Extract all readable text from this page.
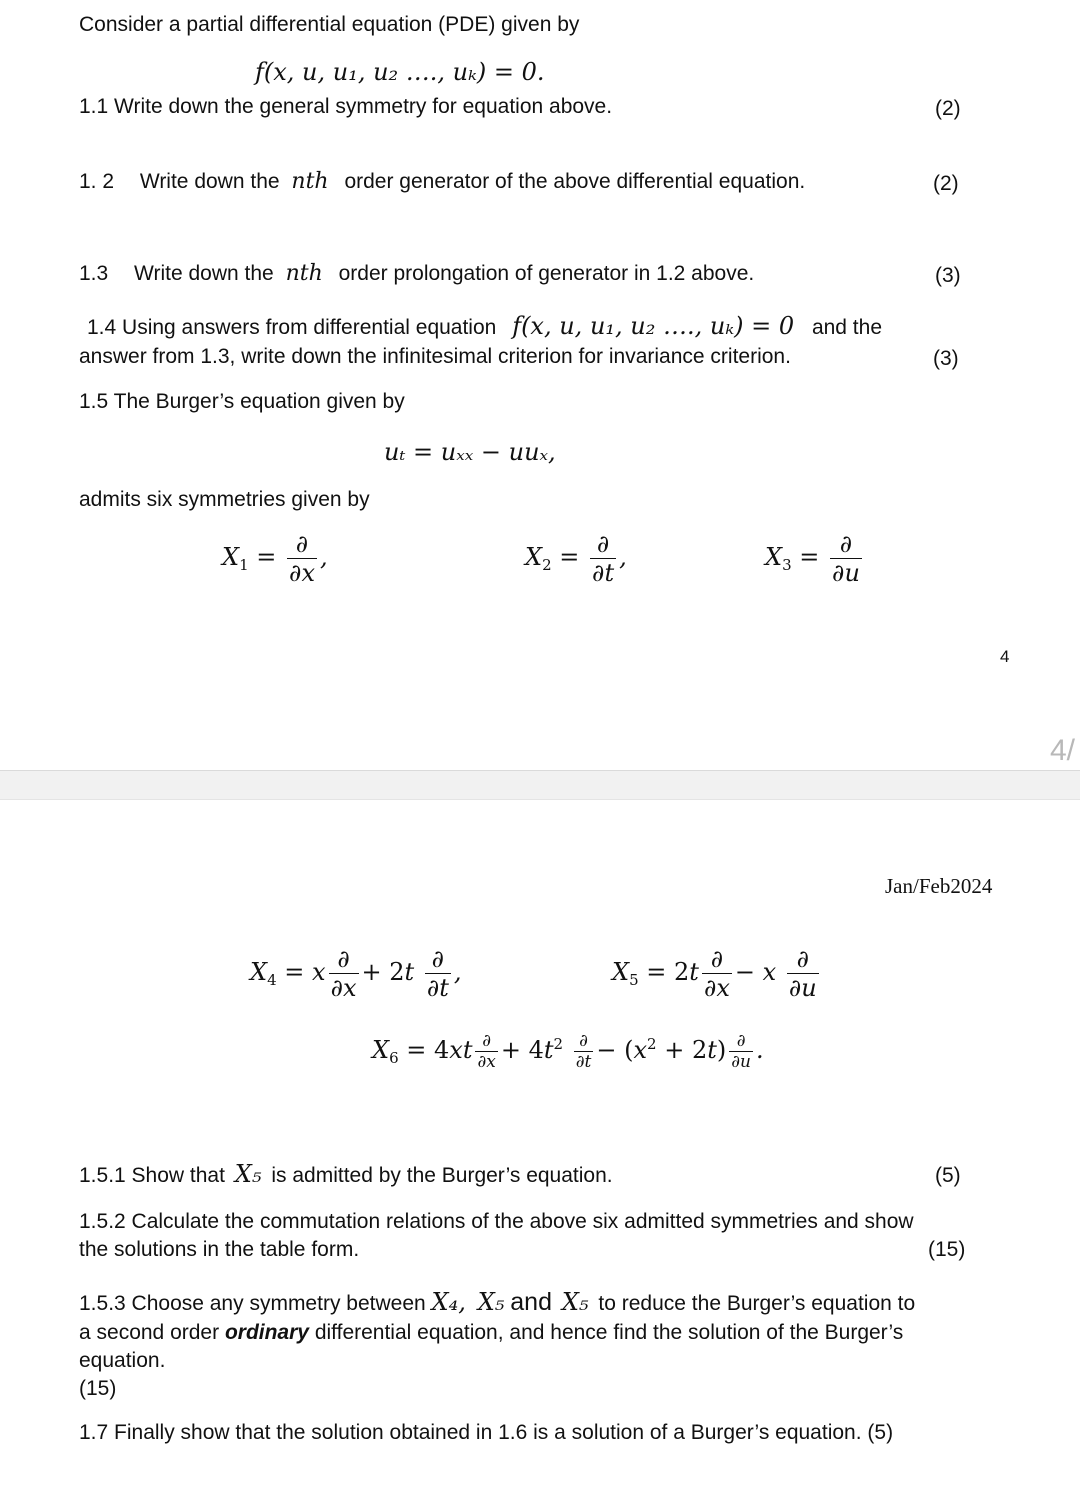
Consider a partial differential equation (PDE) given by
f(x, u, u₁, u₂ …., uₖ) = 0.
1.1 Write down the general symmetry for equation above.	(2)
1. 2 Write down the nth order generator of the above differential equation.	(2)
1.3 Write down the nth order prolongation of generator in 1.2 above.	(3)
1.4 Using answers from differential equation f(x, u, u₁, u₂ …., uₖ) = 0 and the
answer from 1.3, write down the infinitesimal criterion for invariance criterion.	(3)
1.5 The Burger’s equation given by
uₜ = uₓₓ − uuₓ,
admits six symmetries given by
$X_1 = \frac{\partial}{\partial x}$ ,	$X_2 = \frac{\partial}{\partial t}$ ,	$X_3 = \frac{\partial}{\partial u}$
4
4/
Jan/Feb2024
$X_4 = x \frac{\partial}{\partial x} + 2t \frac{\partial}{\partial t}$ ,	$X_5 = 2t \frac{\partial}{\partial x} - x \frac{\partial}{\partial u}$
$X_6 = 4xt \frac{\partial}{\partial x} + 4t^2 \frac{\partial}{\partial t} - (x^2 + 2t) \frac{\partial}{\partial u}$ .
1.5.1 Show that X₅ is admitted by the Burger’s equation.	(5)
1.5.2 Calculate the commutation relations of the above six admitted symmetries and show
the solutions in the table form.	(15)
1.5.3 Choose any symmetry between X₄, X₅ and X₅ to reduce the Burger’s equation to
a second order ordinary differential equation, and hence find the solution of the Burger’s
equation.
(15)
1.7 Finally show that the solution obtained in 1.6 is a solution of a Burger’s equation. (5)
